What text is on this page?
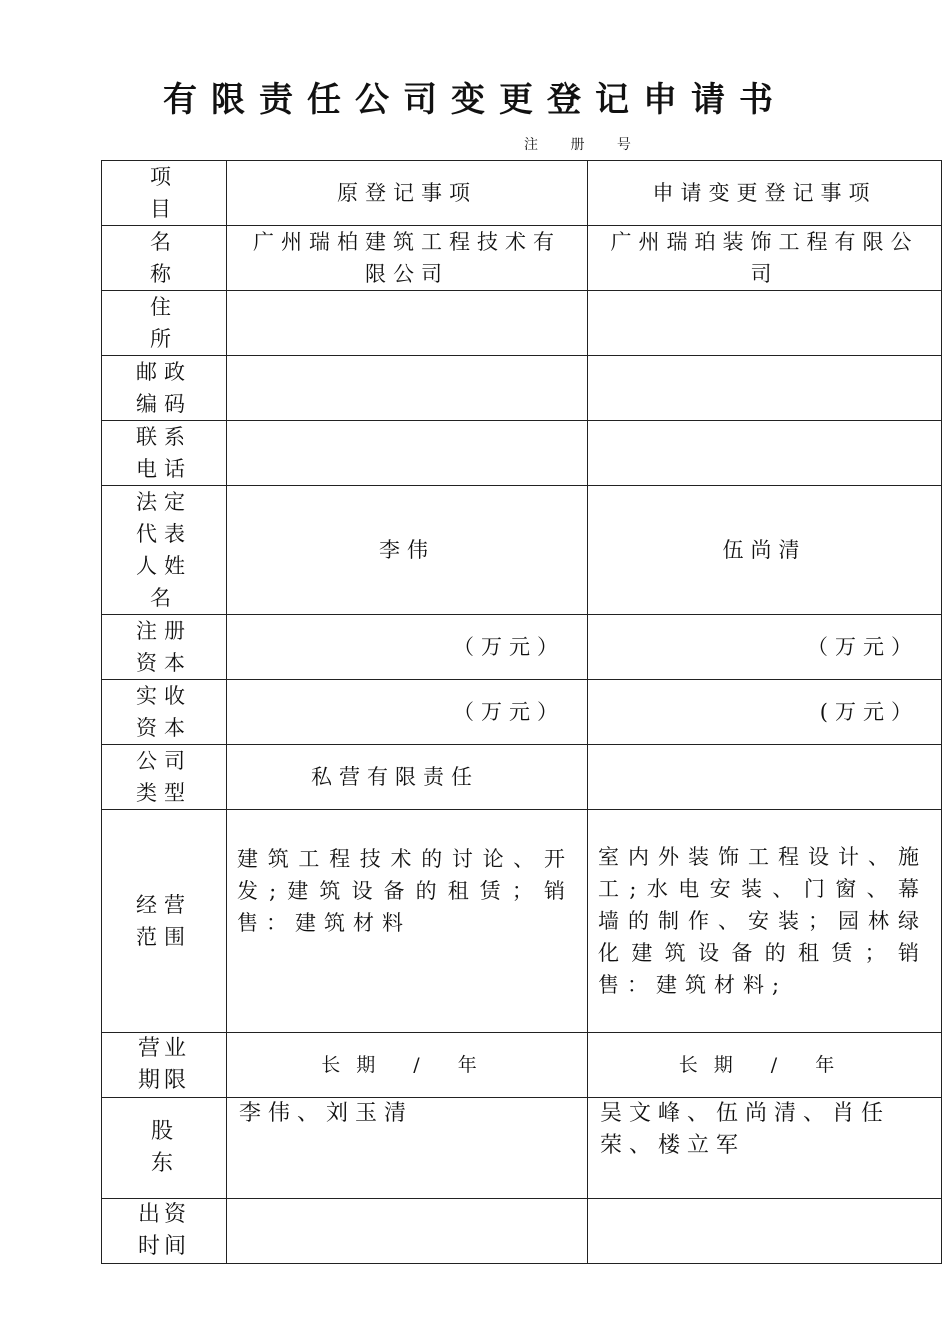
有限责任公司变更登记申请书
注 册 号
项 目	原登记事项	申请变更登记事项

名 称	广州瑞柏建筑工程技术有限公司	广州瑞珀装饰工程有限公司

住 所		

邮政编码		

联系电话		

法定代表人姓名	李伟	伍尚清

注册资本	（万元）	（万元）

实收资本	（万元）	(万元）

公司类型	私营有限责任	

经营范围	建筑工程技术的讨论、开发;建筑设备的租赁；销售：建筑材料	室内外装饰工程设计、施工;水电安装、门窗、幕墙的制作、安装；园林绿化建筑设备的租赁；销售：建筑材料;

营业期限	长期 / 年	长期 / 年

股 东	李伟、刘玉清	吴文峰、伍尚清、肖任荣、楼立军

出资时间		
